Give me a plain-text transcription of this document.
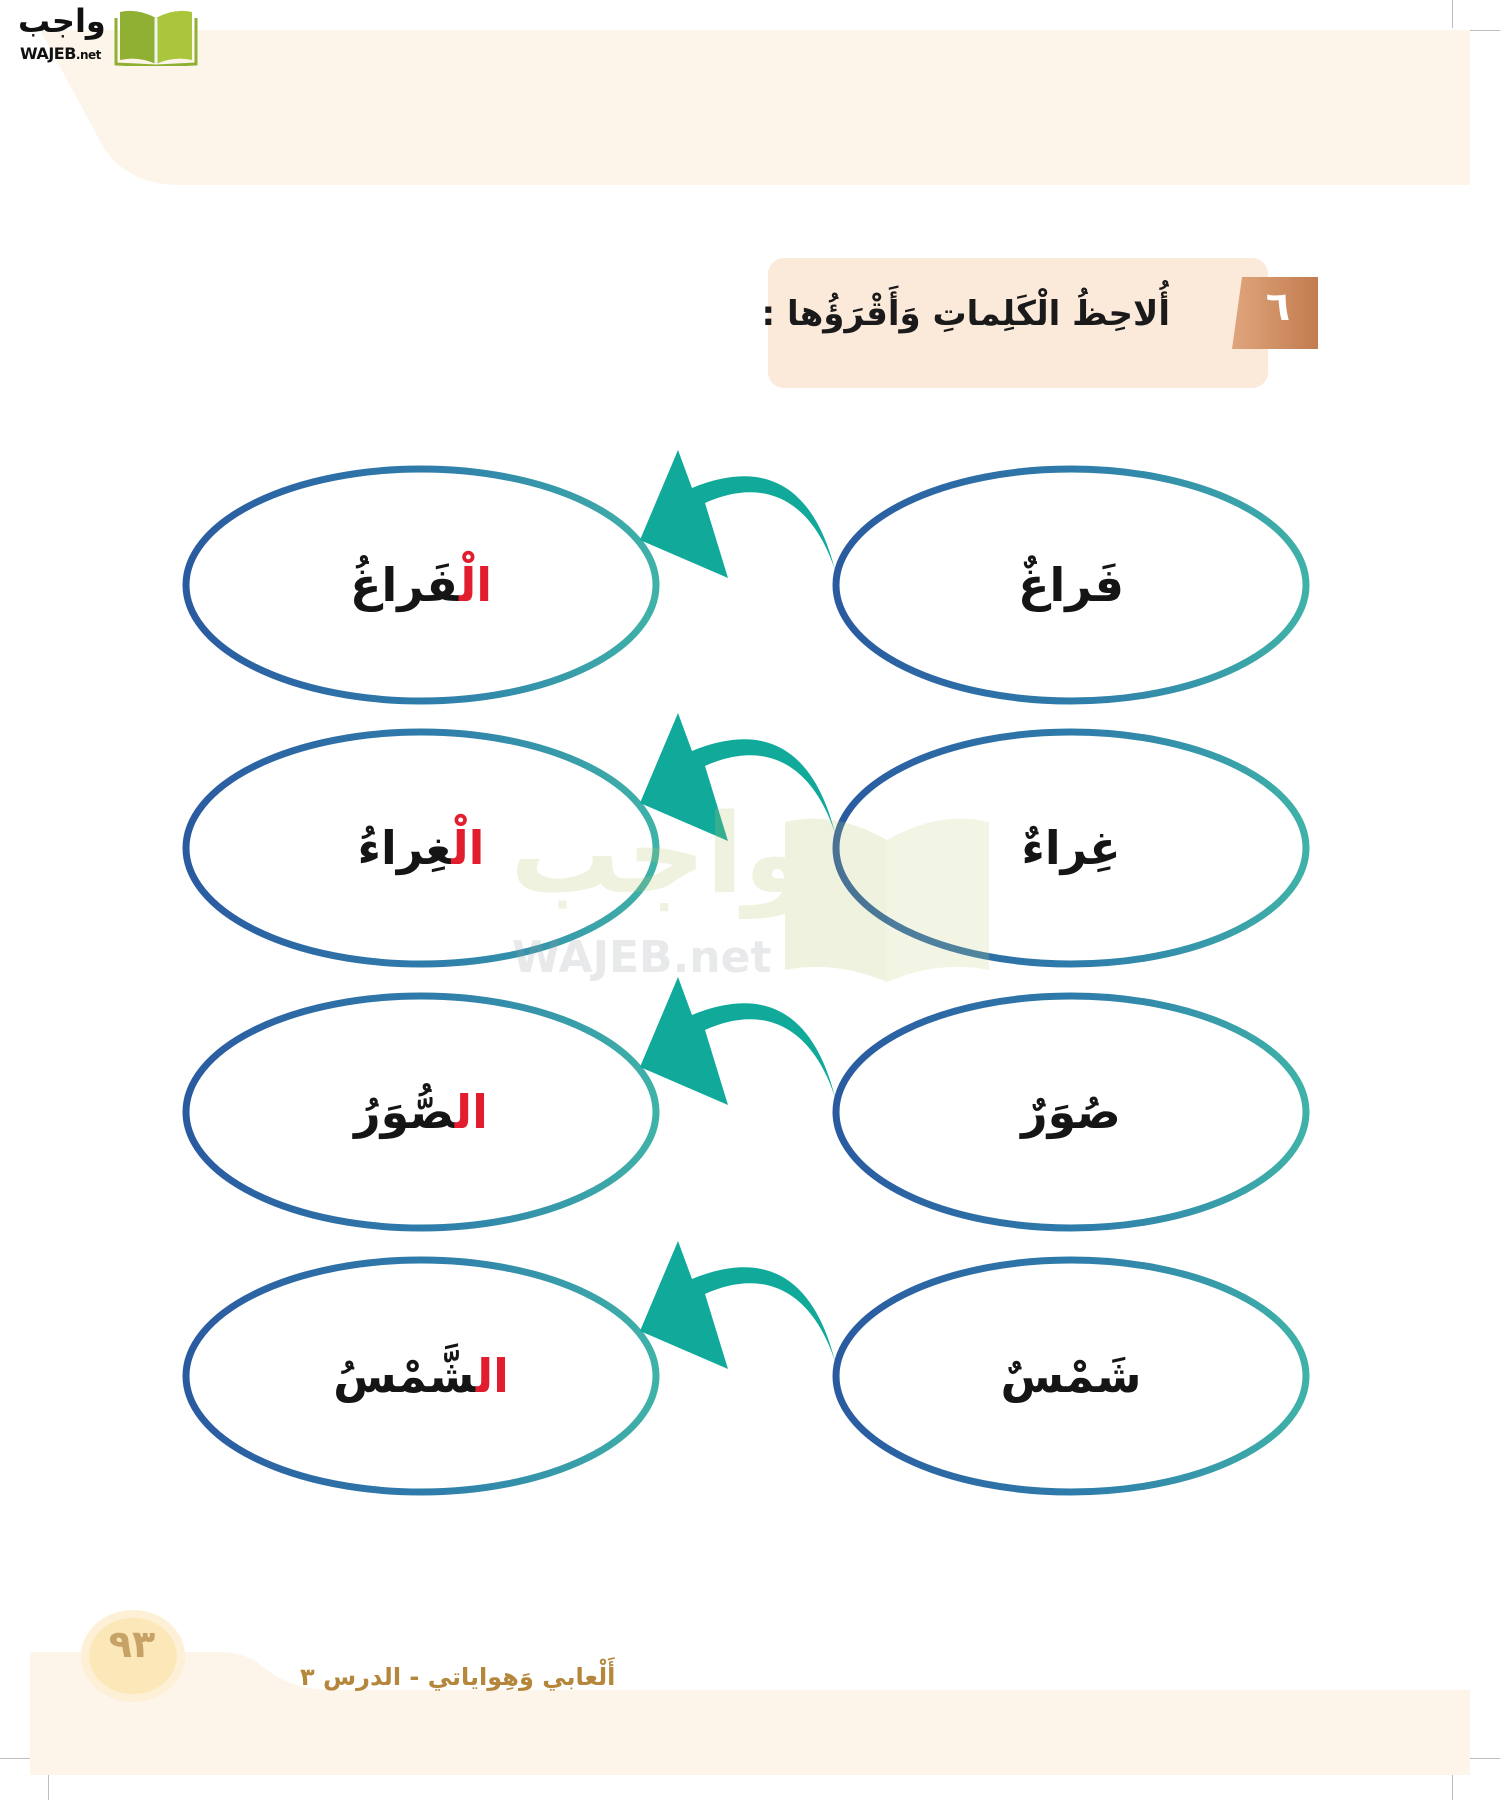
واجب
WAJEB.net
أُلاحِظُ الْكَلِماتِ وَأَقْرَؤُها :	٦
فَراغٌ
الْفَراغُ
غِراءٌ
الْغِراءُ
صُوَرٌ
الصُّوَرُ
شَمْسٌ
الشَّمْسُ
واجب
WAJEB.net
٩٣
أَلْعابي وَهِواياتي - الدرس ٣
